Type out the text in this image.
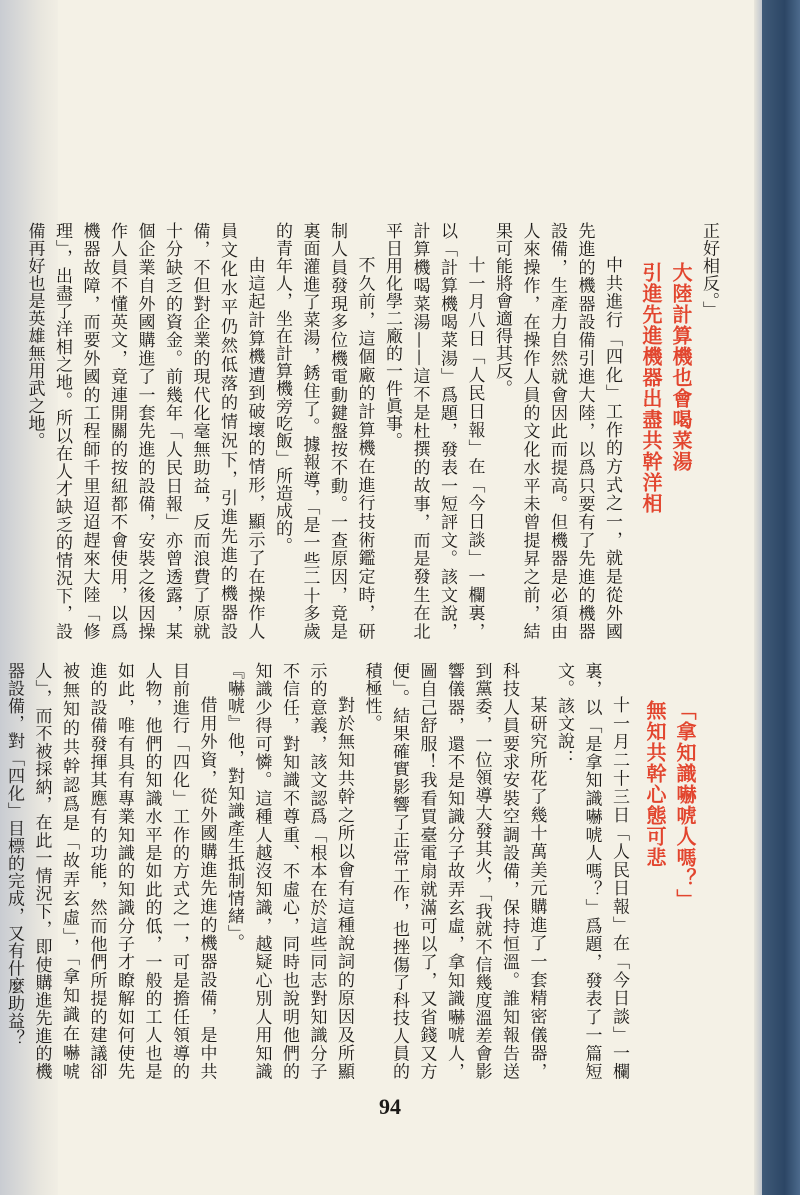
正好相反。」

大陸計算機也會喝菜湯
引進先進機器出盡共幹洋相

中共進行「四化」工作的方式之一，就是從外國先進的機器設備引進大陸，以爲只要有了先進的機器設備，生產力自然就會因此而提高。但機器是必須由人來操作，在操作人員的文化水平未曾提昇之前，結果可能將會適得其反。

十一月八日「人民日報」在「今日談」一欄裏，以「計算機喝菜湯」爲題，發表一短評文。該文說，計算機喝菜湯——這不是杜撰的故事，而是發生在北平日用化學二廠的一件眞事。

不久前，這個廠的計算機在進行技術鑑定時，研制人員發現多位機電動鍵盤按不動。一查原因，竟是裏面灌進了菜湯，銹住了。據報導，「是一些二十多歲的青年人，坐在計算機旁吃飯」所造成的。

由這起計算機遭到破壞的情形，顯示了在操作人員文化水平仍然低落的情況下，引進先進的機器設備，不但對企業的現代化毫無助益，反而浪費了原就十分缺乏的資金。前幾年「人民日報」亦曾透露，某個企業自外國購進了一套先進的設備，安裝之後因操作人員不懂英文，竟連開關的按紐都不會使用，以爲機器故障，而要外國的工程師千里迢迢趕來大陸「修理」，出盡了洋相之地。所以在人才缺乏的情況下，設備再好也是英雄無用武之地。

「拿知識嚇唬人嗎？」
無知共幹心態可悲

十一月二十三日「人民日報」在「今日談」一欄裏，以「是拿知識嚇唬人嗎？」爲題，發表了一篇短文。該文說：

某研究所花了幾十萬美元購進了一套精密儀器，科技人員要求安裝空調設備，保持恒溫。誰知報告送到黨委，一位領導大發其火，「我就不信幾度溫差會影響儀器，還不是知識分子故弄玄虛，拿知識嚇唬人，圖自己舒服！我看買臺電扇就滿可以了，又省錢又方便」。結果確實影響了正常工作，也挫傷了科技人員的積極性。

對於無知共幹之所以會有這種說詞的原因及所顯示的意義，該文認爲「根本在於這些同志對知識分子不信任，對知識不尊重、不虛心，同時也說明他們的知識少得可憐。這種人越沒知識，越疑心別人用知識『嚇唬』他，對知識產生抵制情緒」。

借用外資，從外國購進先進的機器設備，是中共目前進行「四化」工作的方式之一，可是擔任領導的人物，他們的知識水平是如此的低，一般的工人也是如此，唯有具有專業知識的知識分子才瞭解如何使先進的設備發揮其應有的功能，然而他們所提的建議卻被無知的共幹認爲是「故弄玄虛」，「拿知識在嚇唬人」，而不被採納，在此一情況下，即使購進先進的機器設備，對「四化」目標的完成，又有什麼助益？

94
